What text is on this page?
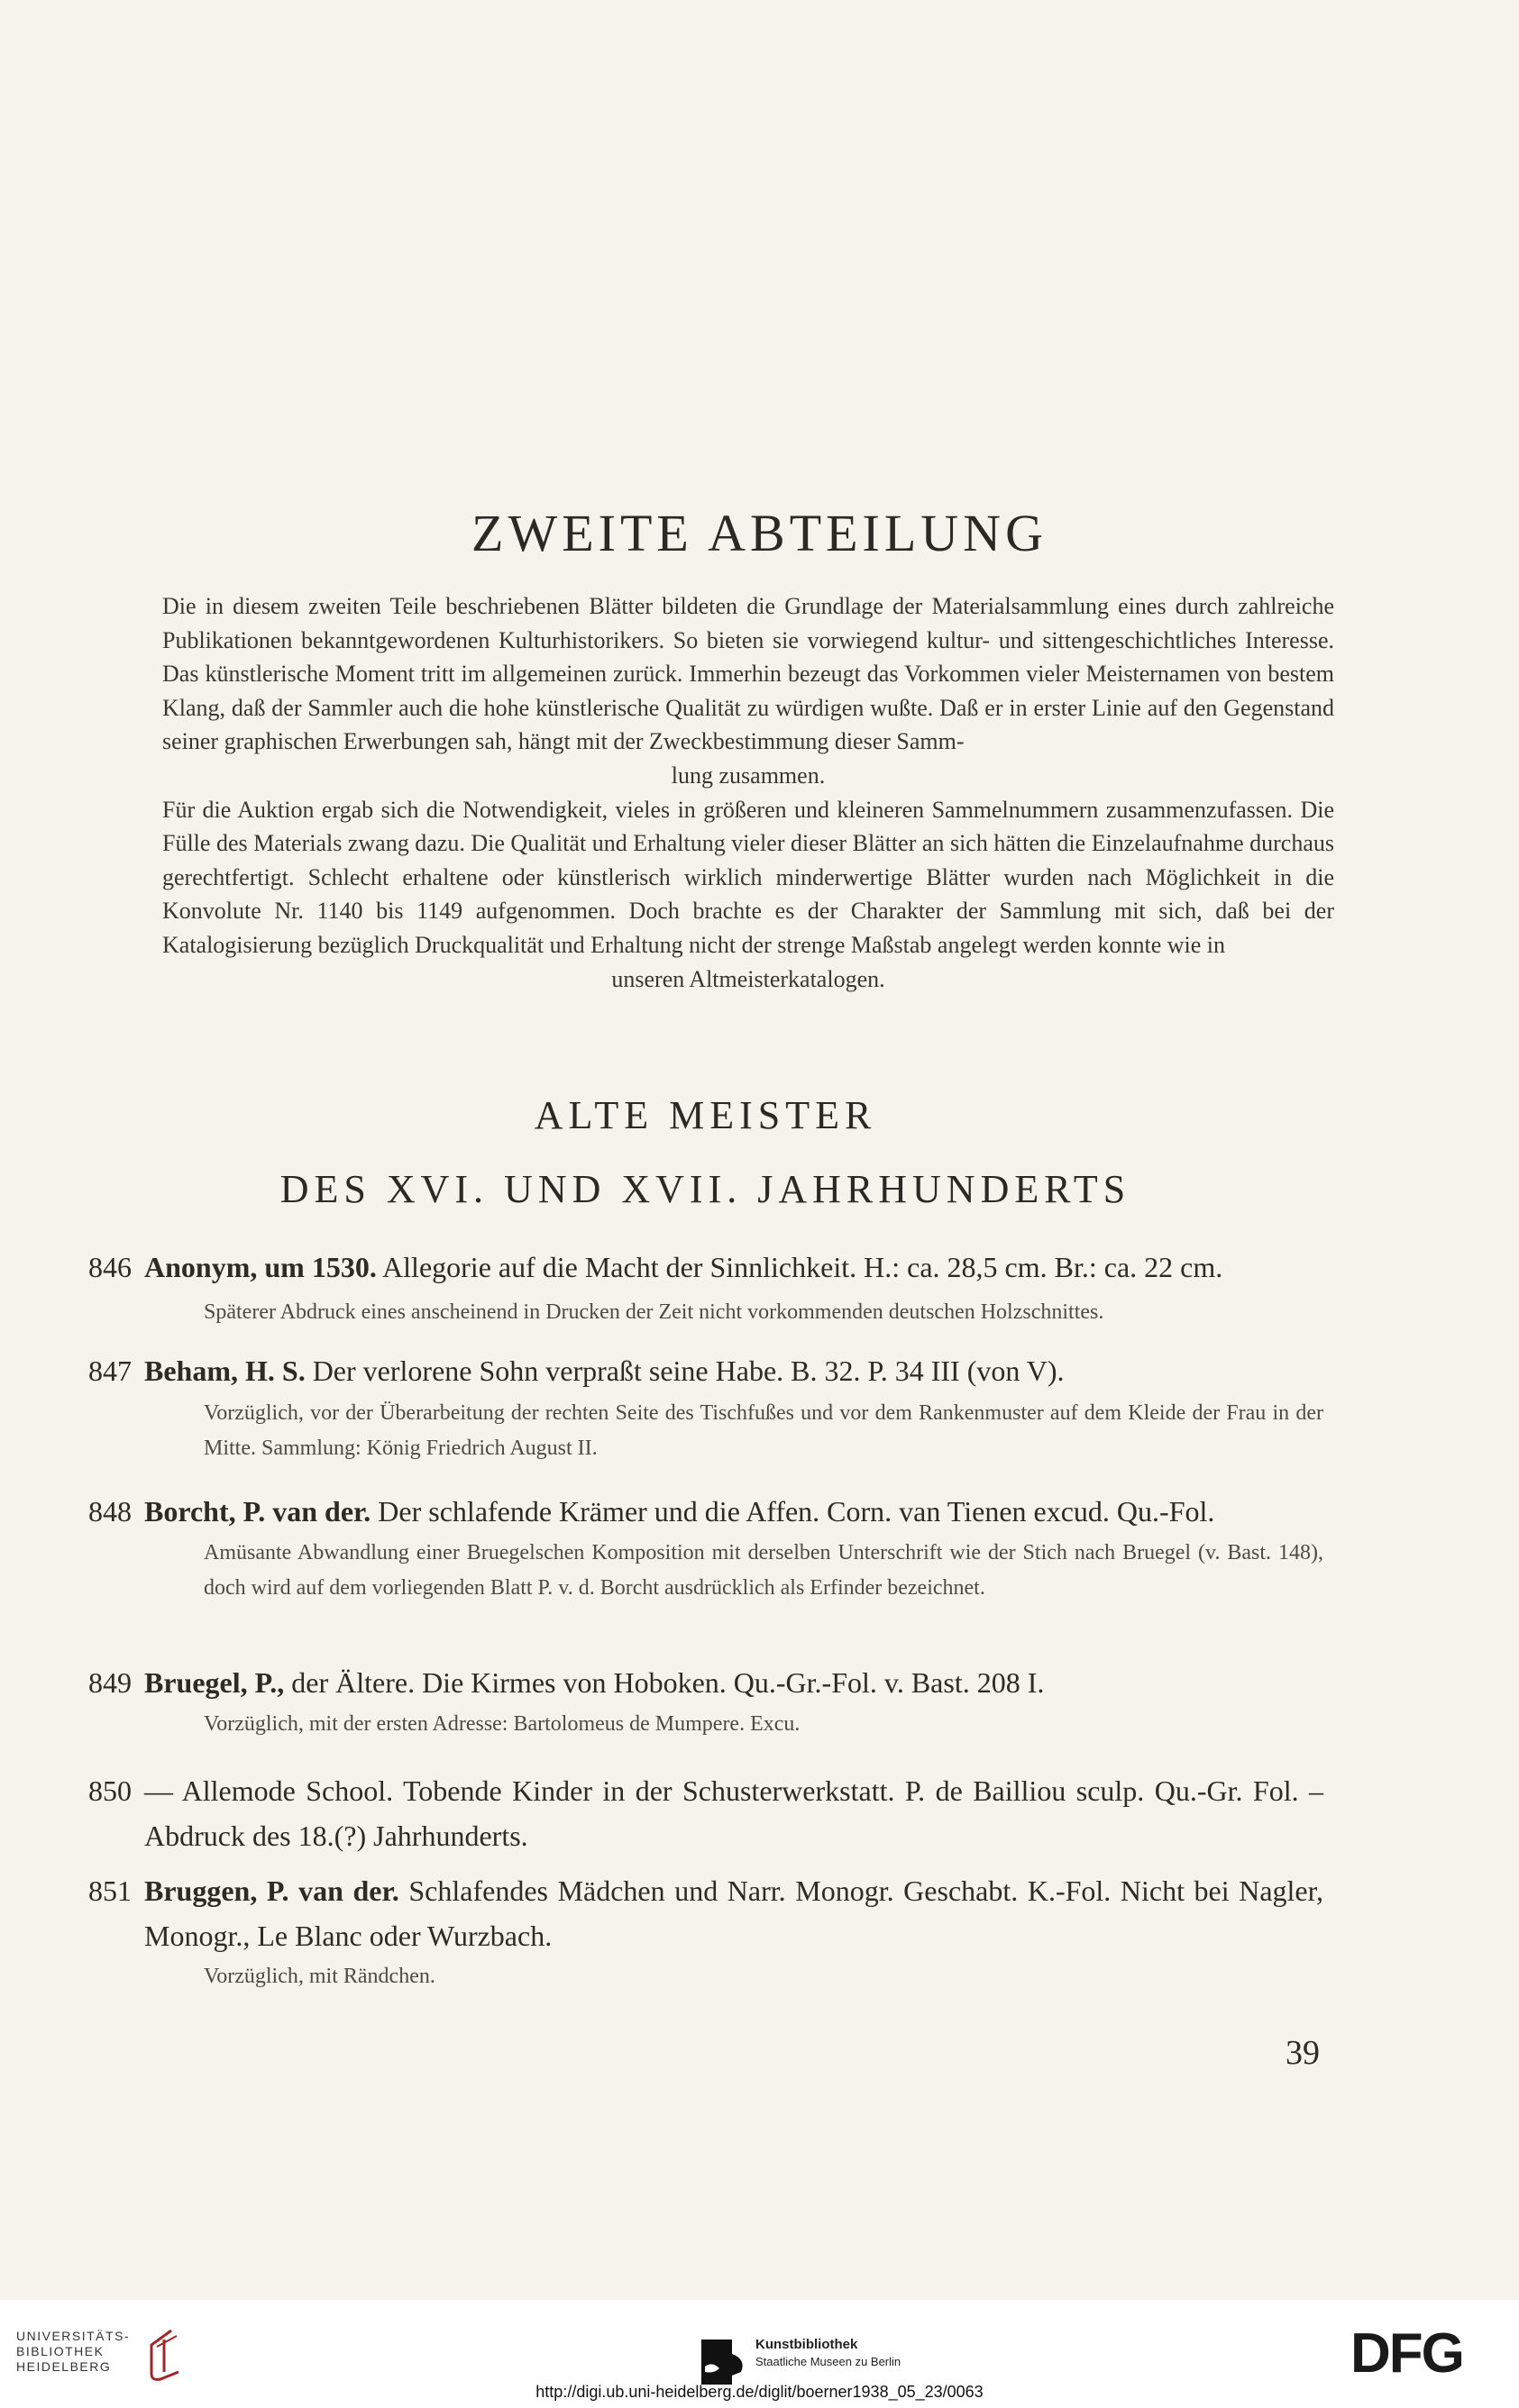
ZWEITE ABTEILUNG

Die in diesem zweiten Teile beschriebenen Blätter bildeten die Grundlage der Materialsammlung eines durch zahlreiche Publikationen bekanntgewordenen Kulturhistorikers. So bieten sie vorwiegend kultur- und sittengeschichtliches Interesse. Das künstlerische Moment tritt im allgemeinen zurück. Immerhin bezeugt das Vorkommen vieler Meisternamen von bestem Klang, daß der Sammler auch die hohe künstlerische Qualität zu würdigen wußte. Daß er in erster Linie auf den Gegenstand seiner graphischen Erwerbungen sah, hängt mit der Zweckbestimmung dieser Samm-

lung zusammen.

Für die Auktion ergab sich die Notwendigkeit, vieles in größeren und kleineren Sammelnummern zusammenzufassen. Die Fülle des Materials zwang dazu. Die Qualität und Erhaltung vieler dieser Blätter an sich hätten die Einzelaufnahme durchaus gerechtfertigt. Schlecht erhaltene oder künstlerisch wirklich minderwertige Blätter wurden nach Möglichkeit in die Konvolute Nr. 1140 bis 1149 aufgenommen. Doch brachte es der Charakter der Sammlung mit sich, daß bei der Katalogisierung bezüglich Druckqualität und Erhaltung nicht der strenge Maßstab angelegt werden konnte wie in

unseren Altmeisterkatalogen.

ALTE MEISTER
DES XVI. UND XVII. JAHRHUNDERTS
846 Anonym, um 1530. Allegorie auf die Macht der Sinnlichkeit. H.: ca. 28,5 cm. Br.: ca. 22 cm.
Späterer Abdruck eines anscheinend in Drucken der Zeit nicht vorkommenden deutschen Holzschnittes.
847 Beham, H. S. Der verlorene Sohn verpraßt seine Habe. B. 32. P. 34 III (von V).
Vorzüglich, vor der Überarbeitung der rechten Seite des Tischfußes und vor dem Rankenmuster auf dem Kleide der Frau in der Mitte. Sammlung: König Friedrich August II.
848 Borcht, P. van der. Der schlafende Krämer und die Affen. Corn. van Tienen excud. Qu.-Fol.
Amüsante Abwandlung einer Bruegelschen Komposition mit derselben Unterschrift wie der Stich nach Bruegel (v. Bast. 148), doch wird auf dem vorliegenden Blatt P. v. d. Borcht ausdrücklich als Erfinder bezeichnet.
849 Bruegel, P., der Ältere. Die Kirmes von Hoboken. Qu.-Gr.-Fol. v. Bast. 208 I.
Vorzüglich, mit der ersten Adresse: Bartolomeus de Mumpere. Excu.
850 — Allemode School. Tobende Kinder in der Schusterwerkstatt. P. de Bailliou sculp. Qu.-Gr. Fol. – Abdruck des 18.(?) Jahrhunderts.
851 Bruggen, P. van der. Schlafendes Mädchen und Narr. Monogr. Geschabt. K.-Fol. Nicht bei Nagler, Monogr., Le Blanc oder Wurzbach.
Vorzüglich, mit Rändchen.
39
UNIVERSITÄTS-
BIBLIOTHEK
HEIDELBERG
Kunstbibliothek
Staatliche Museen zu Berlin	DFG
http://digi.ub.uni-heidelberg.de/diglit/boerner1938_05_23/0063
